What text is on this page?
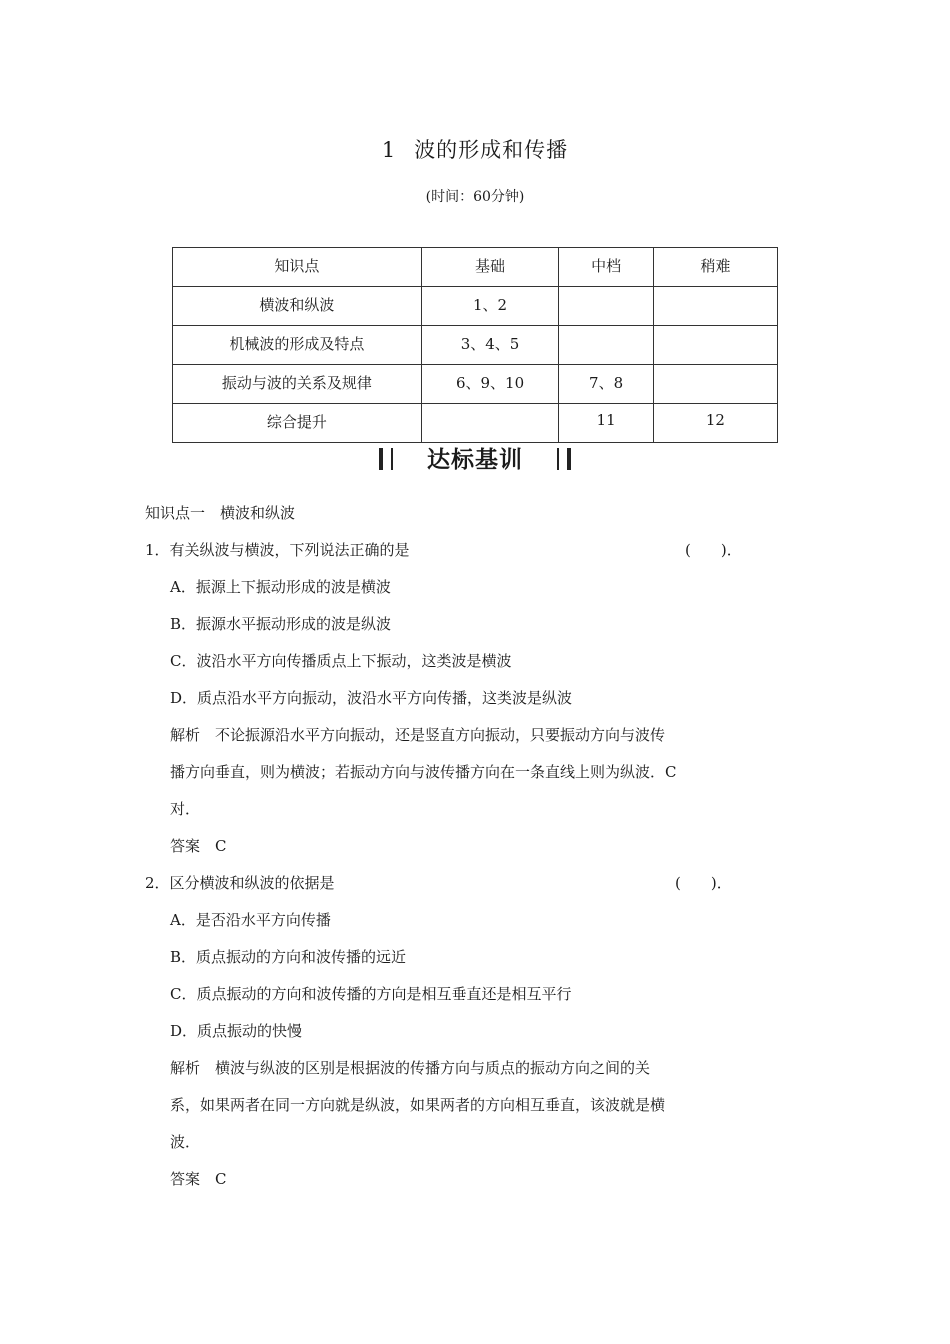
1 波的形成和传播
(时间：60分钟)
知识点	基础	中档	稍难
横波和纵波	1、2		
机械波的形成及特点	3、4、5		
振动与波的关系及规律	6、9、10	7、8	
综合提升		11	12
达标基训
知识点一　横波和纵波
1．有关纵波与横波，下列说法正确的是	(　　)．
A．振源上下振动形成的波是横波
B．振源水平振动形成的波是纵波
C．波沿水平方向传播质点上下振动，这类波是横波
D．质点沿水平方向振动，波沿水平方向传播，这类波是纵波
解析　不论振源沿水平方向振动，还是竖直方向振动，只要振动方向与波传
播方向垂直，则为横波；若振动方向与波传播方向在一条直线上则为纵波．C
对．
答案　C
2．区分横波和纵波的依据是	(　　)．
A．是否沿水平方向传播
B．质点振动的方向和波传播的远近
C．质点振动的方向和波传播的方向是相互垂直还是相互平行
D．质点振动的快慢
解析　横波与纵波的区别是根据波的传播方向与质点的振动方向之间的关
系，如果两者在同一方向就是纵波，如果两者的方向相互垂直，该波就是横
波．
答案　C
